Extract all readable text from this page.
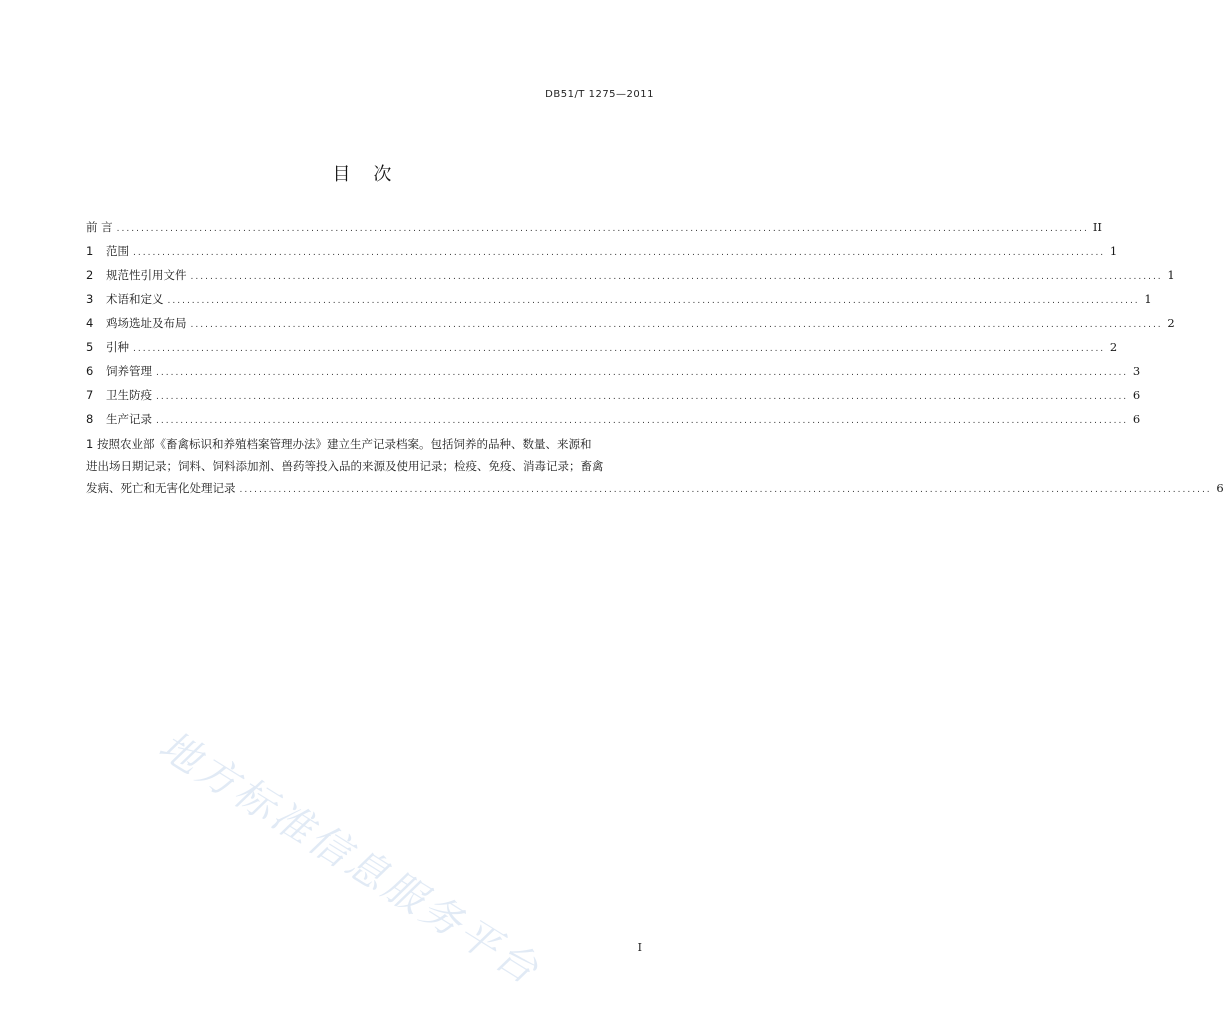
DB51/T 1275—2011
目    次
前 言 ........................................................................................................................................................................................................ II
1	范围 ........................................................................................................................................................................................................ 1
2	规范性引用文件 ........................................................................................................................................................................................................ 1
3	术语和定义 ........................................................................................................................................................................................................ 1
4	鸡场选址及布局 ........................................................................................................................................................................................................ 2
5	引种 ........................................................................................................................................................................................................ 2
6	饲养管理 ........................................................................................................................................................................................................ 3
7	卫生防疫 ........................................................................................................................................................................................................ 6
8	生产记录 ........................................................................................................................................................................................................ 6
1 按照农业部《畜禽标识和养殖档案管理办法》建立生产记录档案。包括饲养的品种、数量、来源和
进出场日期记录；饲料、饲料添加剂、兽药等投入品的来源及使用记录；检疫、免疫、消毒记录；畜禽
发病、死亡和无害化处理记录 ........................................................................................................................................................................................................ 6
地方标准信息服务平台	I
